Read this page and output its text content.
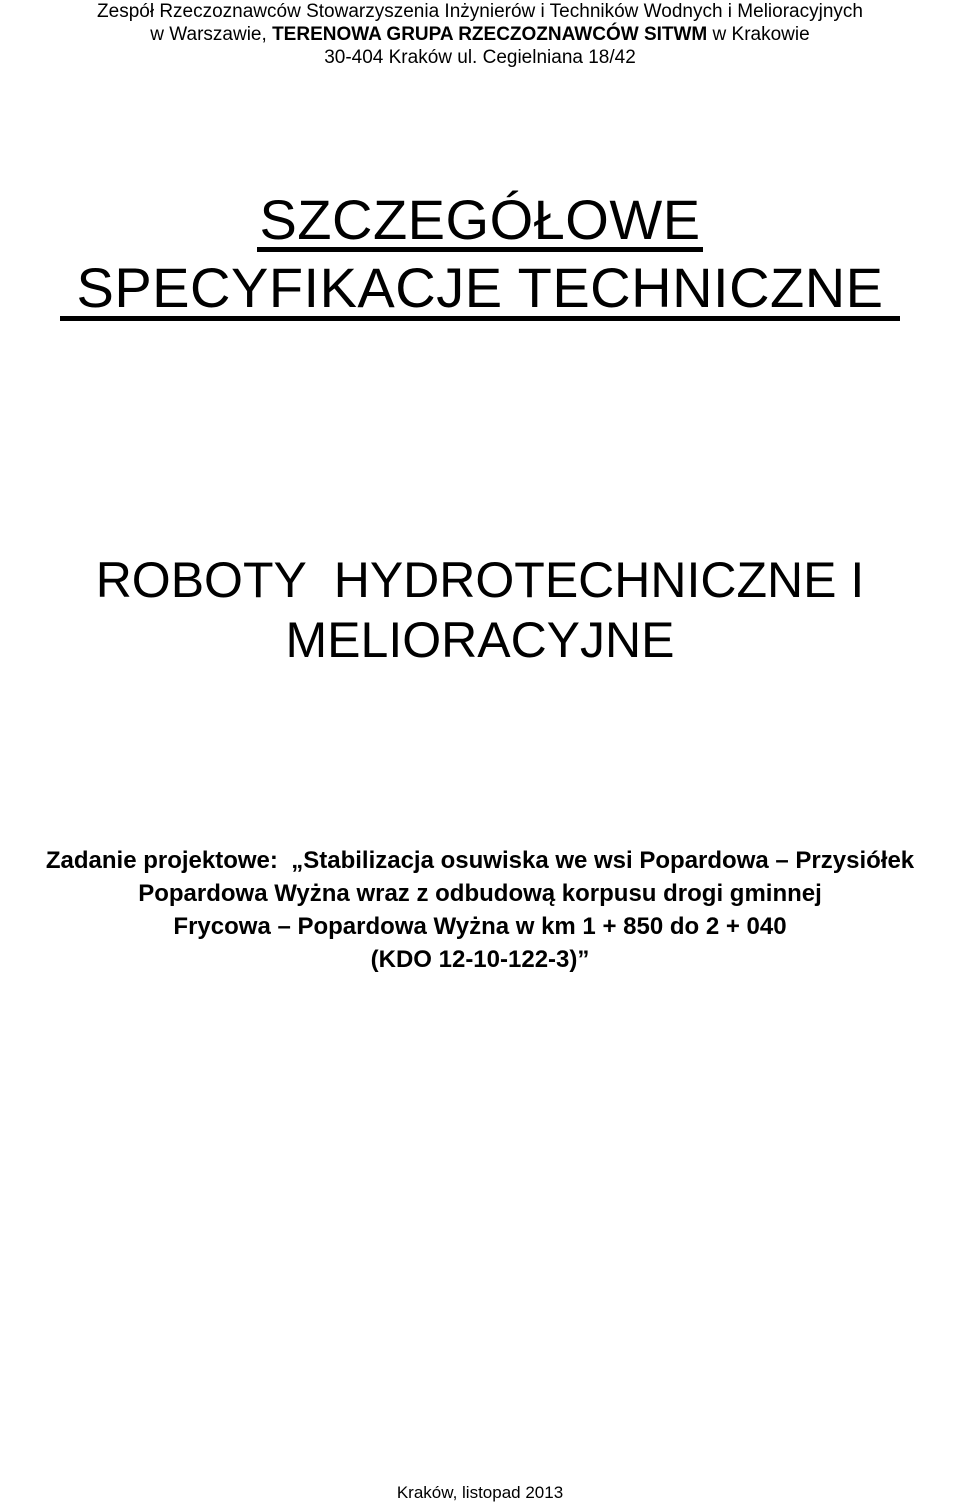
Zespół Rzeczoznawców Stowarzyszenia Inżynierów i Techników Wodnych i Melioracyjnych
w Warszawie, TERENOWA GRUPA RZECZOZNAWCÓW SITWM w Krakowie
30-404 Kraków ul. Cegielniana 18/42
SZCZEGÓŁOWE
SPECYFIKACJE TECHNICZNE
ROBOTY  HYDROTECHNICZNE I
MELIORACYJNE
Zadanie projektowe:  „Stabilizacja osuwiska we wsi Popardowa – Przysiółek
Popardowa Wyżna wraz z odbudową korpusu drogi gminnej
Frycowa – Popardowa Wyżna w km 1 + 850 do 2 + 040
(KDO 12-10-122-3)”
Kraków, listopad 2013
